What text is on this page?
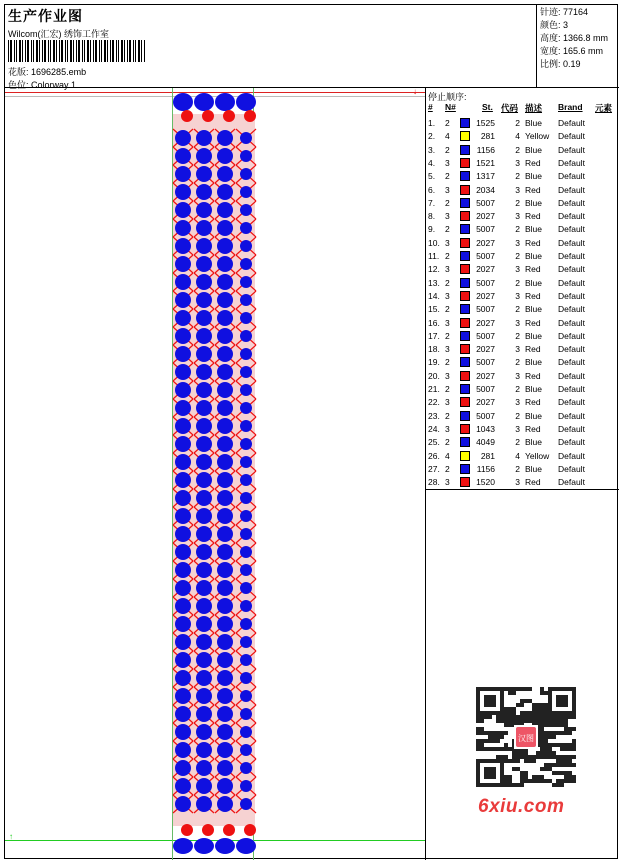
生产作业图
Wilcom(汇宏) 绣饰工作室
花版: 1696285.emb
色位: Colorway 1
针迹: 77164
颜色: 3
高度: 1366.8 mm
宽度: 165.6 mm
比例: 0.19
↓
↑
停止顺序:
# N#	St. 代码 描述 Brand 元素
1. 2	1525	2 Blue Default
2. 4	281	4 Yellow Default
3. 2	1156	2 Blue Default
4. 3	1521	3 Red Default
5. 2	1317	2 Blue Default
6. 3	2034	3 Red Default
7. 2	5007	2 Blue Default
8. 3	2027	3 Red Default
9. 2	5007	2 Blue Default
10. 3	2027	3 Red Default
11. 2	5007	2 Blue Default
12. 3	2027	3 Red Default
13. 2	5007	2 Blue Default
14. 3	2027	3 Red Default
15. 2	5007	2 Blue Default
16. 3	2027	3 Red Default
17. 2	5007	2 Blue Default
18. 3	2027	3 Red Default
19. 2	5007	2 Blue Default
20. 3	2027	3 Red Default
21. 2	5007	2 Blue Default
22. 3	2027	3 Red Default
23. 2	5007	2 Blue Default
24. 3	1043	3 Red Default
25. 2	4049	2 Blue Default
26. 4	281	4 Yellow Default
27. 2	1156	2 Blue Default
28. 3	1520	3 Red Default
汉图
6xiu.com
